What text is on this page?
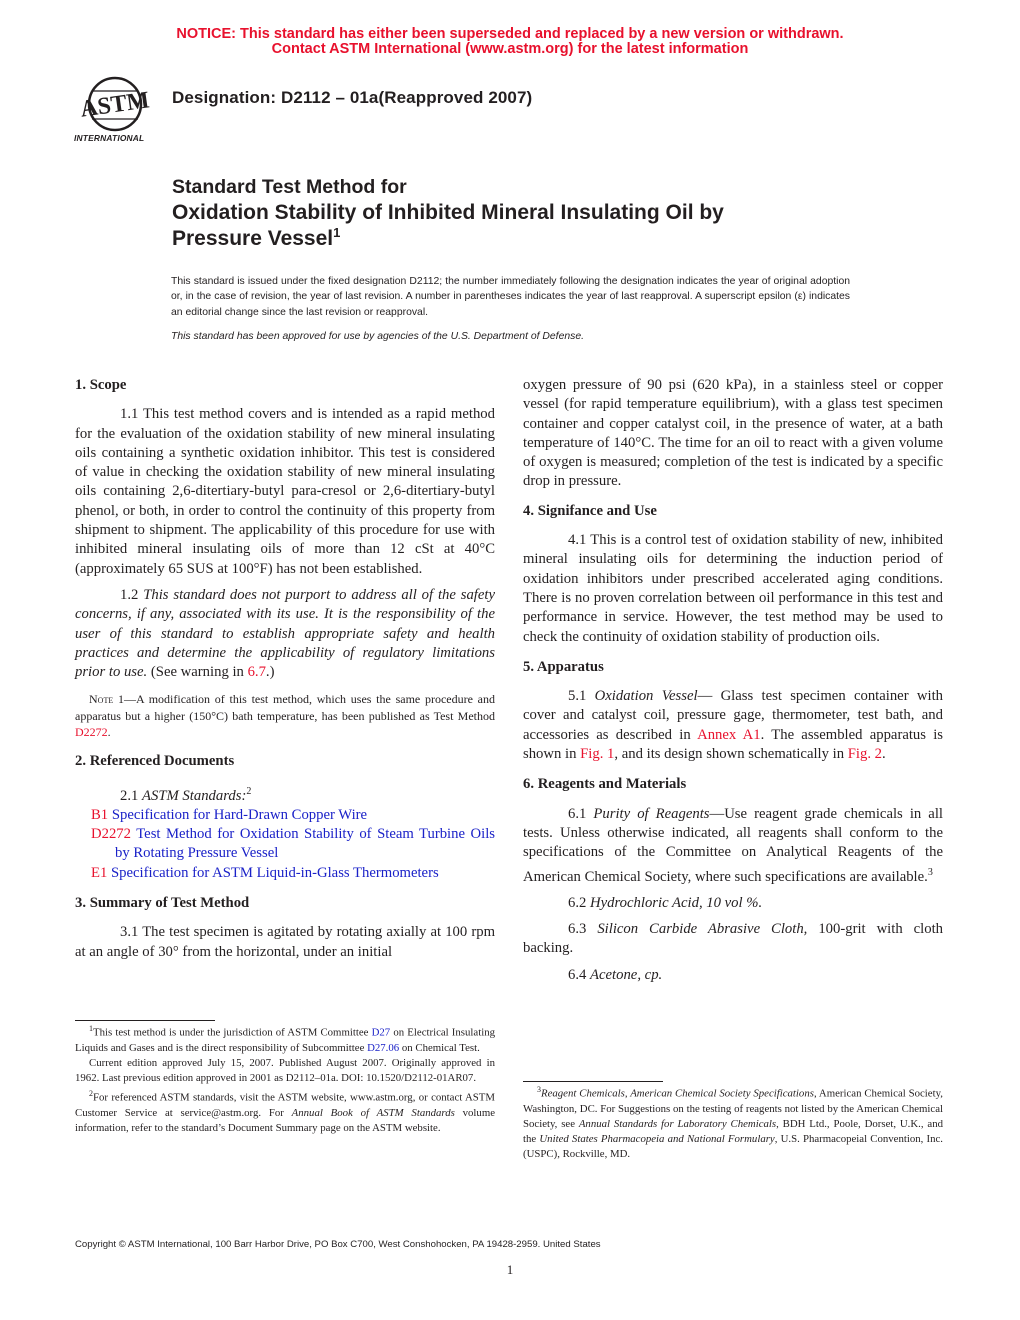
NOTICE: This standard has either been superseded and replaced by a new version or withdrawn.
Contact ASTM International (www.astm.org) for the latest information
ASTM
INTERNATIONAL
Designation: D2112 – 01a(Reapproved 2007)
Standard Test Method for
Oxidation Stability of Inhibited Mineral Insulating Oil by
Pressure Vessel$^1$
This standard is issued under the fixed designation D2112; the number immediately following the designation indicates the year of original adoption or, in the case of revision, the year of last revision. A number in parentheses indicates the year of last reapproval. A superscript epsilon (ε) indicates an editorial change since the last revision or reapproval.
This standard has been approved for use by agencies of the U.S. Department of Defense.

1. Scope

1.1 This test method covers and is intended as a rapid method for the evaluation of the oxidation stability of new mineral insulating oils containing a synthetic oxidation inhibitor. This test is considered of value in checking the oxidation stability of new mineral insulating oils containing 2,6-ditertiary-butyl para-cresol or 2,6-ditertiary-butyl phenol, or both, in order to control the continuity of this property from shipment to shipment. The applicability of this procedure for use with inhibited mineral insulating oils of more than 12 cSt at 40°C (approximately 65 SUS at 100°F) has not been established.

1.2 This standard does not purport to address all of the safety concerns, if any, associated with its use. It is the responsibility of the user of this standard to establish appropriate safety and health practices and determine the applicability of regulatory limitations prior to use. (See warning in 6.7.)

Note 1—A modification of this test method, which uses the same procedure and apparatus but a higher (150°C) bath temperature, has been published as Test Method D2272.

2. Referenced Documents

2.1 ASTM Standards:$^2$

B1 Specification for Hard-Drawn Copper Wire

D2272 Test Method for Oxidation Stability of Steam Turbine Oils by Rotating Pressure Vessel

E1 Specification for ASTM Liquid-in-Glass Thermometers

3. Summary of Test Method

3.1 The test specimen is agitated by rotating axially at 100 rpm at an angle of 30° from the horizontal, under an initial

$^1$This test method is under the jurisdiction of ASTM Committee D27 on Electrical Insulating Liquids and Gases and is the direct responsibility of Subcommittee D27.06 on Chemical Test.

Current edition approved July 15, 2007. Published August 2007. Originally approved in 1962. Last previous edition approved in 2001 as D2112–01a. DOI: 10.1520/D2112-01AR07.

$^2$For referenced ASTM standards, visit the ASTM website, www.astm.org, or contact ASTM Customer Service at service@astm.org. For Annual Book of ASTM Standards volume information, refer to the standard’s Document Summary page on the ASTM website.

oxygen pressure of 90 psi (620 kPa), in a stainless steel or copper vessel (for rapid temperature equilibrium), with a glass test specimen container and copper catalyst coil, in the presence of water, at a bath temperature of 140°C. The time for an oil to react with a given volume of oxygen is measured; completion of the test is indicated by a specific drop in pressure.

4. Signifance and Use

4.1 This is a control test of oxidation stability of new, inhibited mineral insulating oils for determining the induction period of oxidation inhibitors under prescribed accelerated aging conditions. There is no proven correlation between oil performance in this test and performance in service. However, the test method may be used to check the continuity of oxidation stability of production oils.

5. Apparatus

5.1 Oxidation Vessel— Glass test specimen container with cover and catalyst coil, pressure gage, thermometer, test bath, and accessories as described in Annex A1. The assembled apparatus is shown in Fig. 1, and its design shown schematically in Fig. 2.

6. Reagents and Materials

6.1 Purity of Reagents—Use reagent grade chemicals in all tests. Unless otherwise indicated, all reagents shall conform to the specifications of the Committee on Analytical Reagents of the American Chemical Society, where such specifications are available.$^3$

6.2 Hydrochloric Acid, 10 vol %.

6.3 Silicon Carbide Abrasive Cloth, 100-grit with cloth backing.

6.4 Acetone, cp.

$^3$Reagent Chemicals, American Chemical Society Specifications, American Chemical Society, Washington, DC. For Suggestions on the testing of reagents not listed by the American Chemical Society, see Annual Standards for Laboratory Chemicals, BDH Ltd., Poole, Dorset, U.K., and the United States Pharmacopeia and National Formulary, U.S. Pharmacopeial Convention, Inc. (USPC), Rockville, MD.

Copyright © ASTM International, 100 Barr Harbor Drive, PO Box C700, West Conshohocken, PA 19428-2959. United States
1
